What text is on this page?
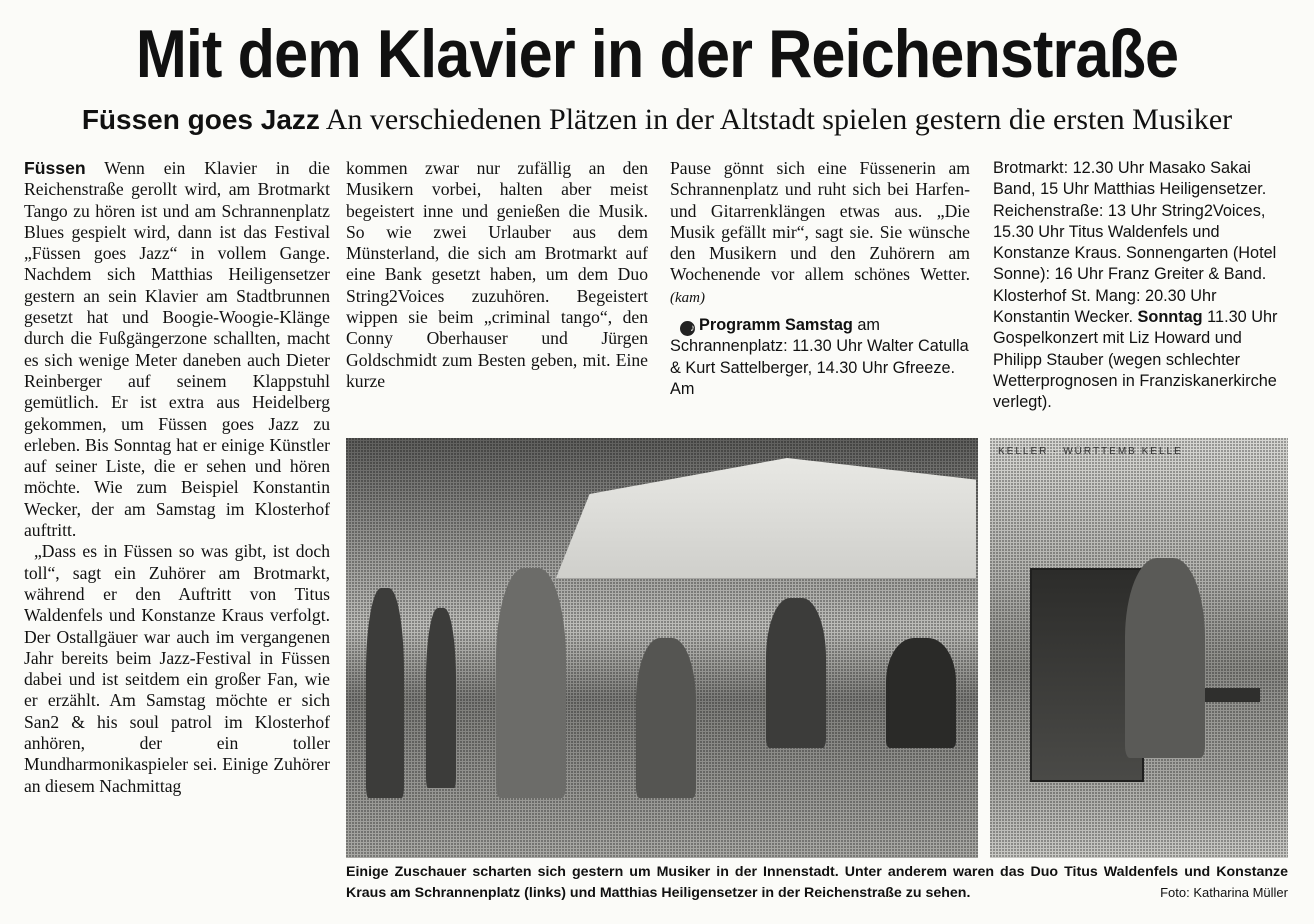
Mit dem Klavier in der Reichenstraße
Füssen goes Jazz An verschiedenen Plätzen in der Altstadt spielen gestern die ersten Musiker

Füssen Wenn ein Klavier in die Reichenstraße gerollt wird, am Brotmarkt Tango zu hören ist und am Schrannenplatz Blues gespielt wird, dann ist das Festival „Füssen goes Jazz“ in vollem Gange. Nachdem sich Matthias Heiligensetzer gestern an sein Klavier am Stadtbrunnen gesetzt hat und Boogie-Woogie-Klänge durch die Fußgängerzone schallten, macht es sich wenige Meter daneben auch Dieter Reinberger auf seinem Klappstuhl gemütlich. Er ist extra aus Heidelberg gekommen, um Füssen goes Jazz zu erleben. Bis Sonntag hat er einige Künstler auf seiner Liste, die er sehen und hören möchte. Wie zum Beispiel Konstantin Wecker, der am Samstag im Klosterhof auftritt.

„Dass es in Füssen so was gibt, ist doch toll“, sagt ein Zuhörer am Brotmarkt, während er den Auftritt von Titus Waldenfels und Konstanze Kraus verfolgt. Der Ostallgäuer war auch im vergangenen Jahr bereits beim Jazz-Festival in Füssen dabei und ist seitdem ein großer Fan, wie er erzählt. Am Samstag möchte er sich San2 & his soul patrol im Klosterhof anhören, der ein toller Mundharmonikaspieler sei. Einige Zuhörer an diesem Nachmittag

kommen zwar nur zufällig an den Musikern vorbei, halten aber meist begeistert inne und genießen die Musik. So wie zwei Urlauber aus dem Münsterland, die sich am Brotmarkt auf eine Bank gesetzt haben, um dem Duo String2Voices zuzuhören. Begeistert wippen sie beim „criminal tango“, den Conny Oberhauser und Jürgen Goldschmidt zum Besten geben, mit. Eine kurze

Pause gönnt sich eine Füssenerin am Schrannenplatz und ruht sich bei Harfen- und Gitarrenklängen etwas aus. „Die Musik gefällt mir“, sagt sie. Sie wünsche den Musikern und den Zuhörern am Wochenende vor allem schönes Wetter. (kam)

♪ Programm Samstag am Schrannenplatz: 11.30 Uhr Walter Catulla & Kurt Sattelberger, 14.30 Uhr Gfreeze. Am

Brotmarkt: 12.30 Uhr Masako Sakai Band, 15 Uhr Matthias Heiligensetzer. Reichenstraße: 13 Uhr String2Voices, 15.30 Uhr Titus Waldenfels und Konstanze Kraus. Sonnengarten (Hotel Sonne): 16 Uhr Franz Greiter & Band. Klosterhof St. Mang: 20.30 Uhr Konstantin Wecker. Sonntag 11.30 Uhr Gospelkonzert mit Liz Howard und Philipp Stauber (wegen schlechter Wetterprognosen in Franziskanerkirche verlegt).

KELLER · WÜRTTEMB KELLE
Einige Zuschauer scharten sich gestern um Musiker in der Innenstadt. Unter anderem waren das Duo Titus Waldenfels und Konstanze Kraus am Schrannenplatz (links) und Matthias Heiligensetzer in der Reichenstraße zu sehen.	Foto: Katharina Müller
